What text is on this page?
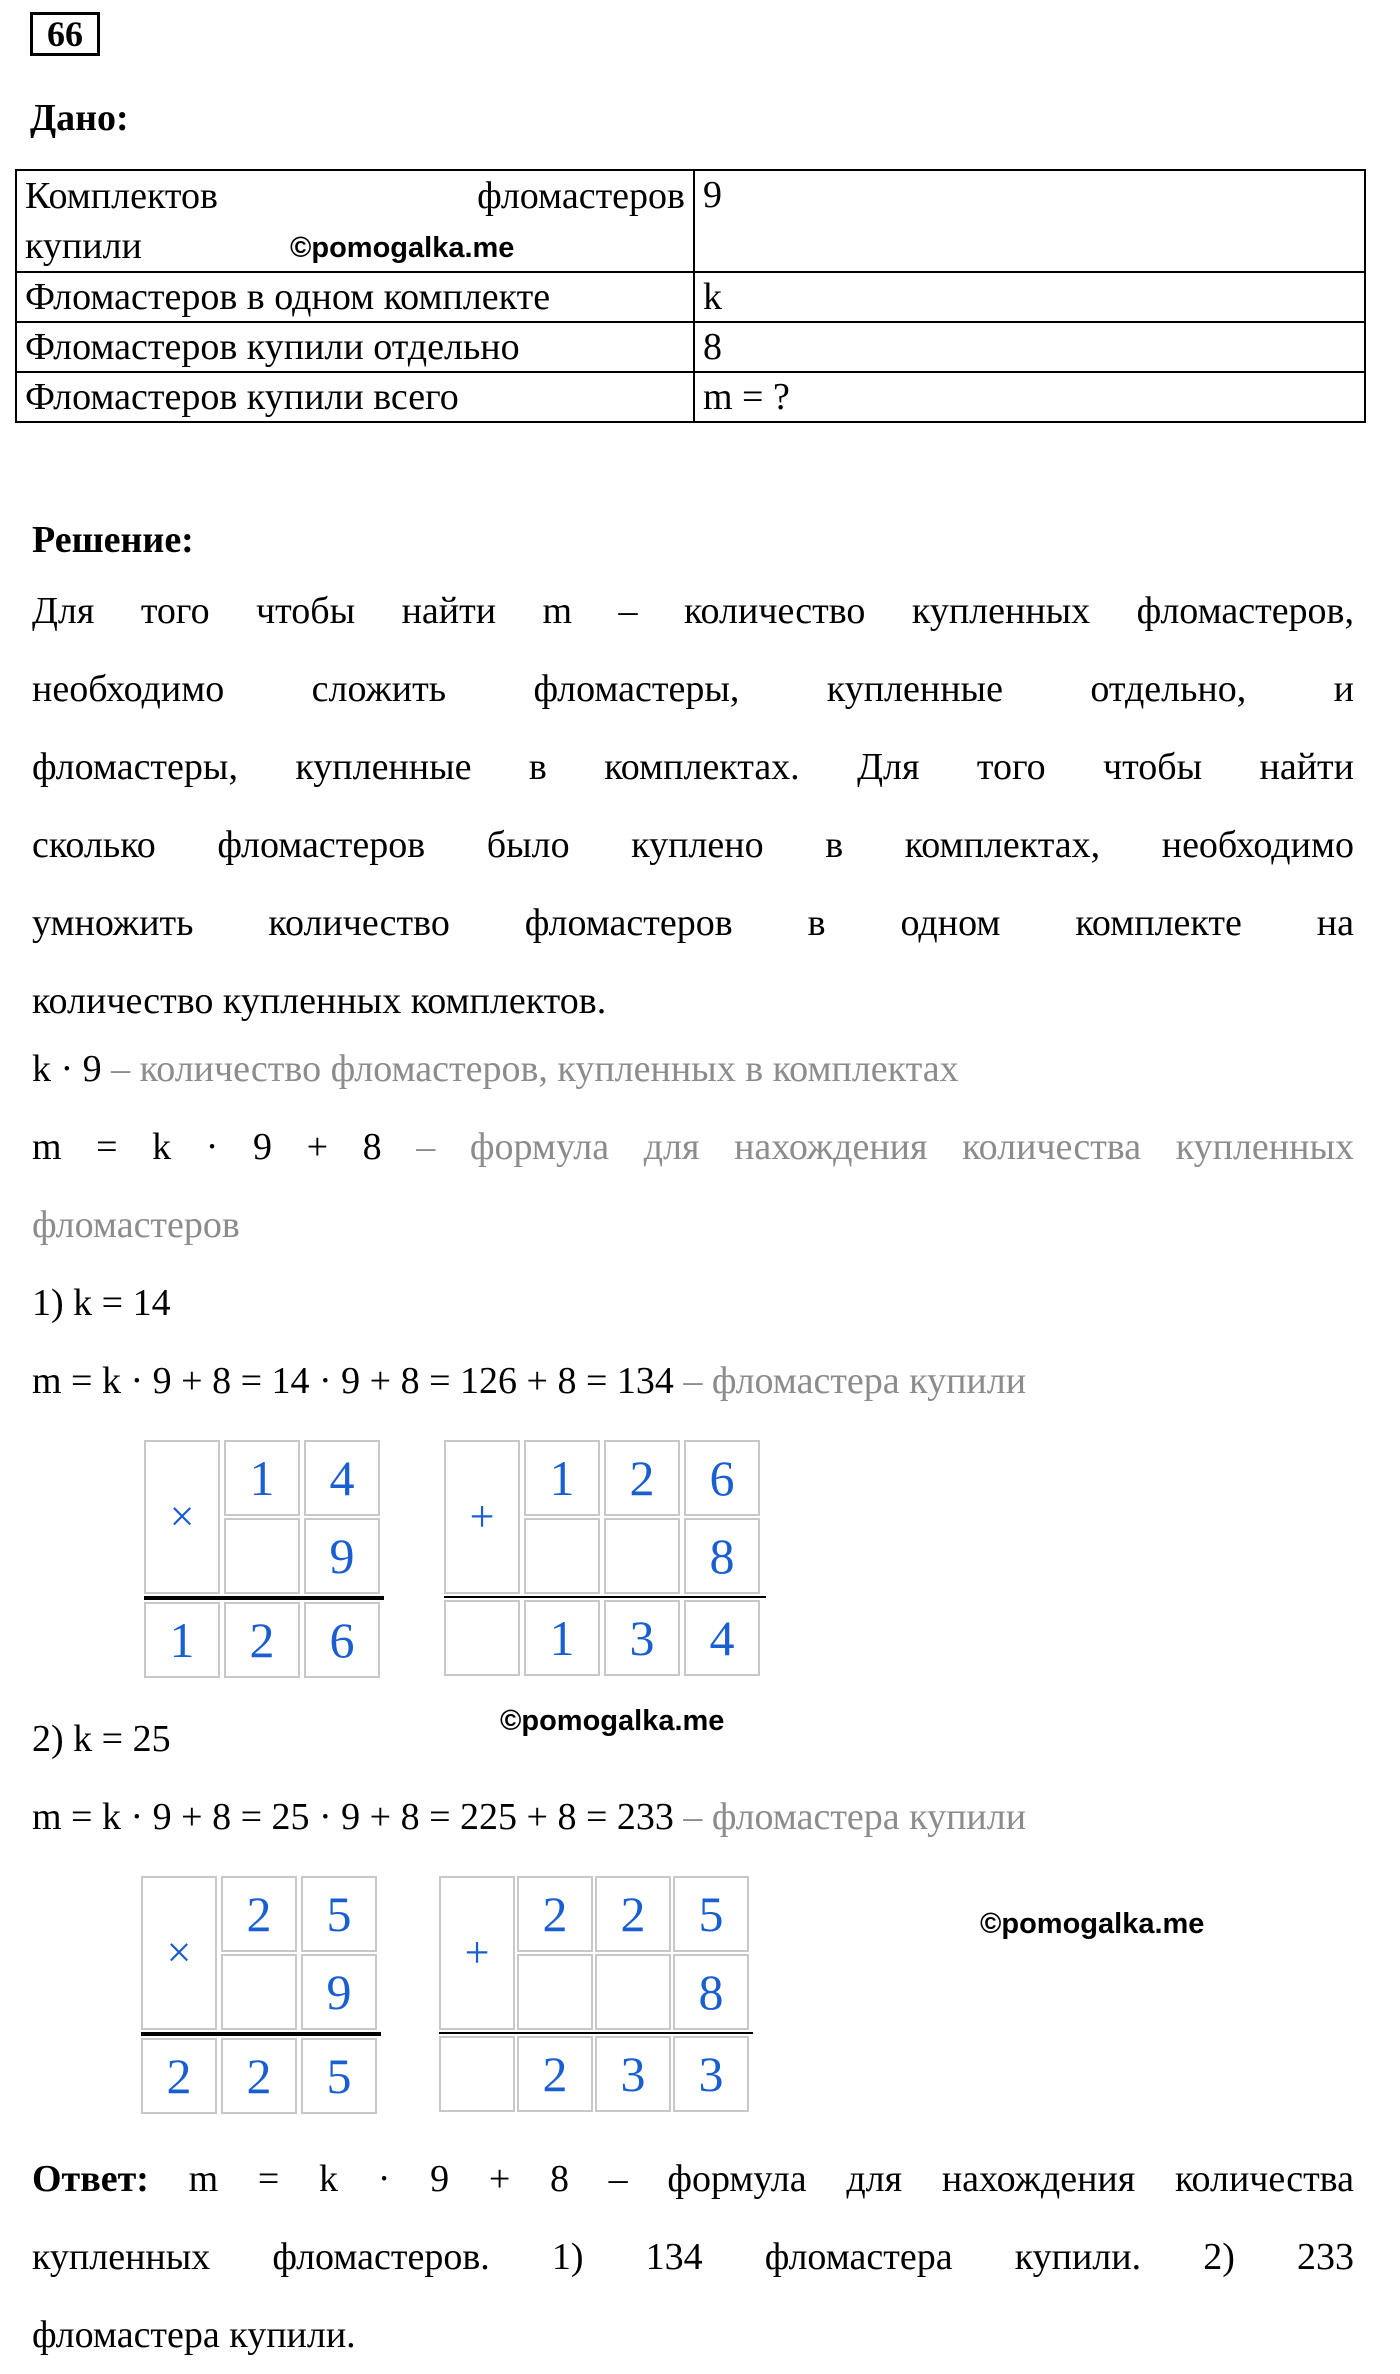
66
Дано:
Комплектов фломастеров
купили ©pomogalka.me	9
Фломастеров в одном комплекте	k
Фломастеров купили отдельно	8
Фломастеров купили всего	m = ?
Решение:
Для того чтобы найти m – количество купленных фломастеров,
необходимо сложить фломастеры, купленные отдельно, и
фломастеры, купленные в комплектах. Для того чтобы найти
сколько фломастеров было куплено в комплектах, необходимо
умножить количество фломастеров в одном комплекте на
количество купленных комплектов.
k · 9 – количество фломастеров, купленных в комплектах
m = k · 9 + 8 – формула для нахождения количества купленных
фломастеров
1) k = 14
m = k · 9 + 8 = 14 · 9 + 8 = 126 + 8 = 134 – фломастера купили
×
1	4
9
1	2	6
+
1	2	6
8
1	3	4
2) k = 25	©pomogalka.me
m = k · 9 + 8 = 25 · 9 + 8 = 225 + 8 = 233 – фломастера купили
×
2	5
9
2	2	5
+
2	2	5
8
2	3	3
©pomogalka.me
Ответ: m = k · 9 + 8 – формула для нахождения количества
купленных фломастеров. 1) 134 фломастера купили. 2) 233
фломастера купили.
